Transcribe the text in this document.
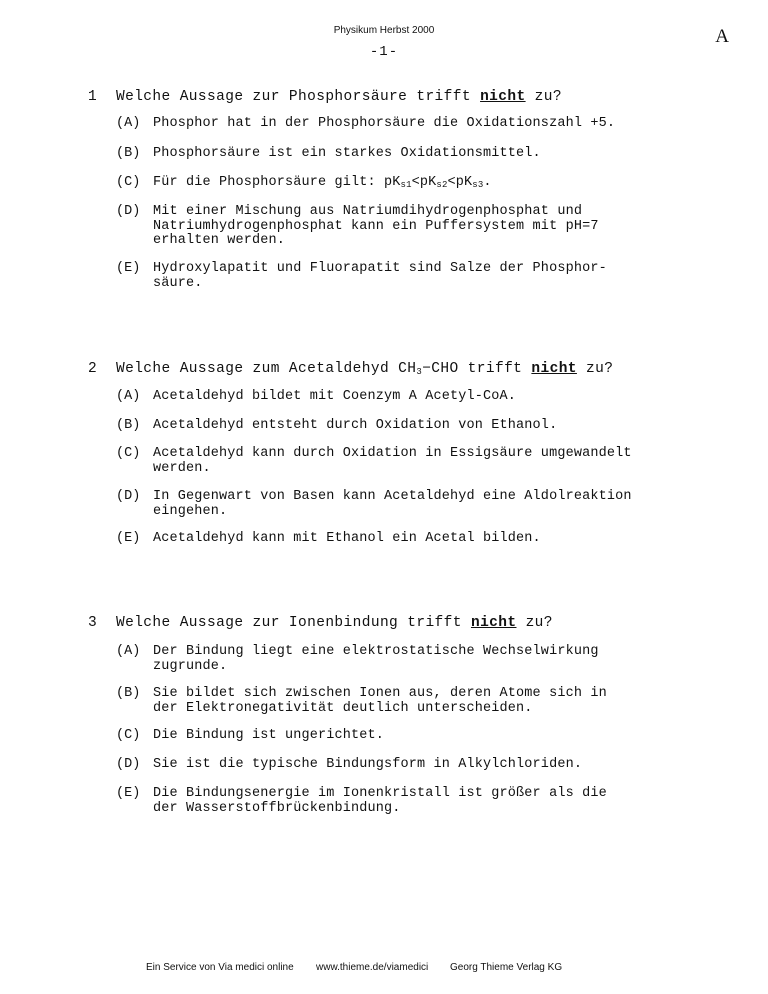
Physikum Herbst 2000
-1-
A
1 Welche Aussage zur Phosphorsäure trifft nicht zu?
(A) Phosphor hat in der Phosphorsäure die Oxidationszahl +5.
(B) Phosphorsäure ist ein starkes Oxidationsmittel.
(C) Für die Phosphorsäure gilt: $pK_{s1}<pK_{s2}<pK_{s3}$.
(D) Mit einer Mischung aus Natriumdihydrogenphosphat und
Natriumhydrogenphosphat kann ein Puffersystem mit pH=7
erhalten werden.
(E) Hydroxylapatit und Fluorapatit sind Salze der Phosphor-
säure.
2 Welche Aussage zum Acetaldehyd $CH_3-CHO$ trifft nicht zu?
(A) Acetaldehyd bildet mit Coenzym A Acetyl-CoA.
(B) Acetaldehyd entsteht durch Oxidation von Ethanol.
(C) Acetaldehyd kann durch Oxidation in Essigsäure umgewandelt
werden.
(D) In Gegenwart von Basen kann Acetaldehyd eine Aldolreaktion
eingehen.
(E) Acetaldehyd kann mit Ethanol ein Acetal bilden.
3 Welche Aussage zur Ionenbindung trifft nicht zu?
(A) Der Bindung liegt eine elektrostatische Wechselwirkung
zugrunde.
(B) Sie bildet sich zwischen Ionen aus, deren Atome sich in
der Elektronegativität deutlich unterscheiden.
(C) Die Bindung ist ungerichtet.
(D) Sie ist die typische Bindungsform in Alkylchloriden.
(E) Die Bindungsenergie im Ionenkristall ist größer als die
der Wasserstoffbrückenbindung.
Ein Service von Via medici online www.thieme.de/viamedici Georg Thieme Verlag KG
